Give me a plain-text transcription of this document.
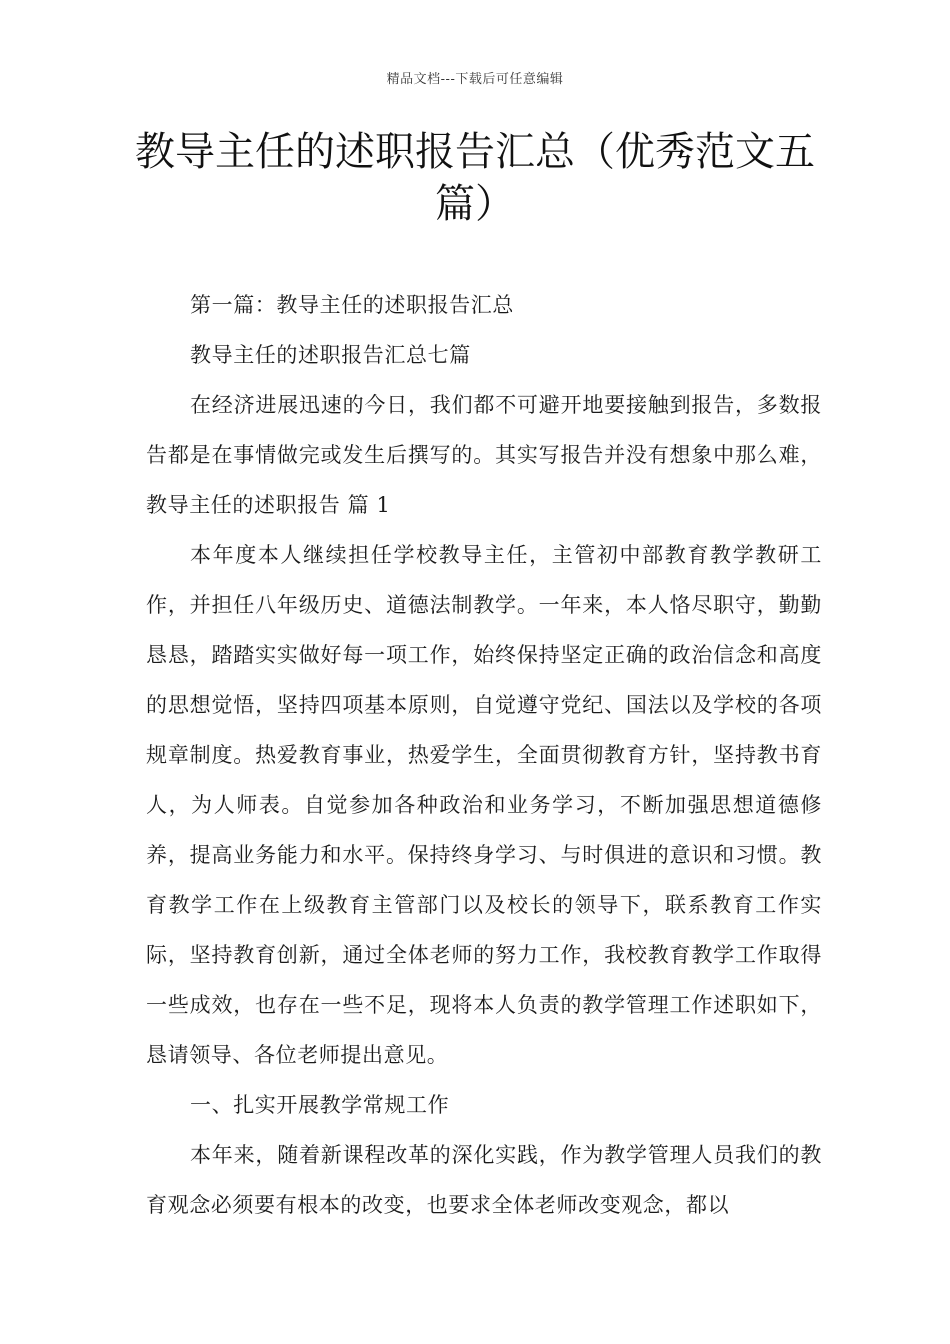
精品文档---下载后可任意编辑
教导主任的述职报告汇总（优秀范文五篇）

第一篇：教导主任的述职报告汇总

教导主任的述职报告汇总七篇

在经济进展迅速的今日，我们都不可避开地要接触到报告，多数报告都是在事情做完或发生后撰写的。其实写报告并没有想象中那么难，教导主任的述职报告 篇 1

本年度本人继续担任学校教导主任，主管初中部教育教学教研工作，并担任八年级历史、道德法制教学。一年来，本人恪尽职守，勤勤恳恳，踏踏实实做好每一项工作，始终保持坚定正确的政治信念和高度的思想觉悟，坚持四项基本原则，自觉遵守党纪、国法以及学校的各项规章制度。热爱教育事业，热爱学生，全面贯彻教育方针，坚持教书育人，为人师表。自觉参加各种政治和业务学习，不断加强思想道德修养，提高业务能力和水平。保持终身学习、与时俱进的意识和习惯。教育教学工作在上级教育主管部门以及校长的领导下，联系教育工作实际，坚持教育创新，通过全体老师的努力工作，我校教育教学工作取得一些成效，也存在一些不足，现将本人负责的教学管理工作述职如下，恳请领导、各位老师提出意见。

一、扎实开展教学常规工作

本年来，随着新课程改革的深化实践，作为教学管理人员我们的教育观念必须要有根本的改变，也要求全体老师改变观念，都以
